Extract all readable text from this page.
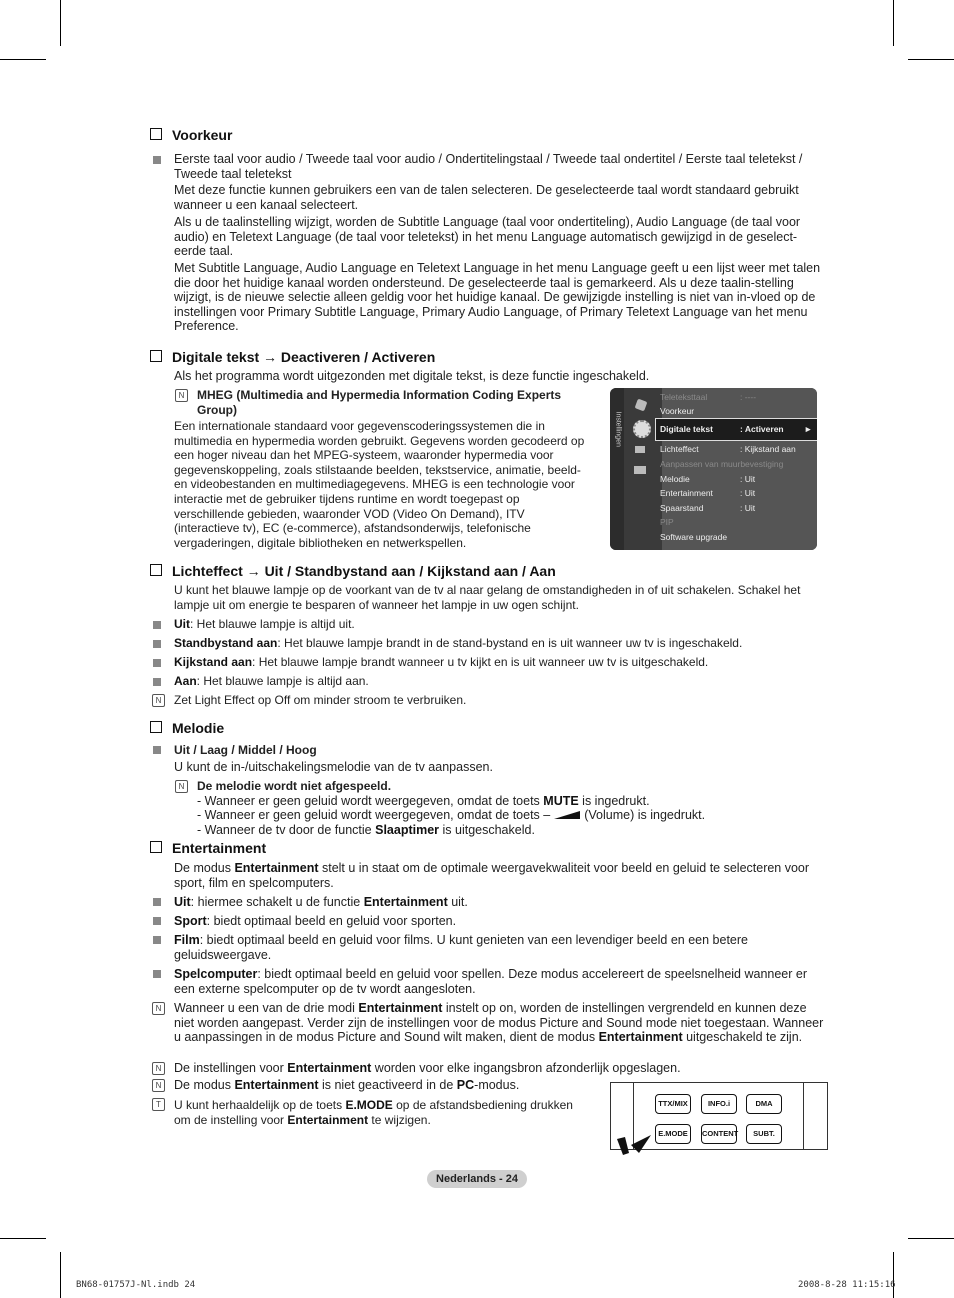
Voorkeur
Eerste taal voor audio / Tweede taal voor audio / Ondertitelingstaal / Tweede taal ondertitel / Eerste taal teletekst / Tweede taal teletekst
Met deze functie kunnen gebruikers een van de talen selecteren. De geselecteerde taal wordt standaard gebruikt wanneer u een kanaal selecteert.
Als u de taalinstelling wijzigt, worden de Subtitle Language (taal voor ondertiteling), Audio Language (de taal voor audio) en Teletext Language (de taal voor teletekst) in het menu Language automatisch gewijzigd in de geselect-eerde taal.
Met Subtitle Language, Audio Language en Teletext Language in het menu Language geeft u een lijst weer met talen die door het huidige kanaal worden ondersteund. De geselecteerde taal is gemarkeerd. Als u deze taalin-stelling wijzigt, is de nieuwe selectie alleen geldig voor het huidige kanaal. De gewijzigde instelling is niet van in-vloed op de instellingen voor Primary Subtitle Language, Primary Audio Language, of Primary Teletext Language van het menu Preference.
Digitale tekst → Deactiveren / Activeren
Als het programma wordt uitgezonden met digitale tekst, is deze functie ingeschakeld.
N	MHEG (Multimedia and Hypermedia Information Coding Experts Group)
Een internationale standaard voor gegevenscoderingssystemen die in multimedia en hypermedia worden gebruikt. Gegevens worden gecodeerd op een hoger niveau dan het MPEG-systeem, waaronder hypermedia voor gegevenskoppeling, zoals stilstaande beelden, tekstservice, animatie, beeld- en videobestanden en multimediagegevens. MHEG is een technologie voor interactie met de gebruiker tijdens runtime en wordt toegepast op verschillende gebieden, waaronder VOD (Video On Demand), ITV (interactieve tv), EC (e-commerce), afstandsonderwijs, telefonische vergaderingen, digitale bibliotheken en netwerkspellen.
Instellingen
Teleteksttaal	: ----
Voorkeur
Digitale tekst	: Activeren ►
Lichteffect	: Kijkstand aan
Aanpassen van muurbevestiging
Melodie	: Uit
Entertainment	: Uit
Spaarstand	: Uit
PIP
Software upgrade
Lichteffect → Uit / Standbystand aan / Kijkstand aan / Aan
U kunt het blauwe lampje op de voorkant van de tv al naar gelang de omstandigheden in of uit schakelen. Schakel het lampje uit om energie te besparen of wanneer het lampje in uw ogen schijnt.
Uit: Het blauwe lampje is altijd uit.
Standbystand aan: Het blauwe lampje brandt in de stand-bystand en is uit wanneer uw tv is ingeschakeld.
Kijkstand aan: Het blauwe lampje brandt wanneer u tv kijkt en is uit wanneer uw tv is uitgeschakeld.
Aan: Het blauwe lampje is altijd aan.
N	Zet Light Effect op Off om minder stroom te verbruiken.
Melodie
Uit / Laag / Middel / Hoog
U kunt de in-/uitschakelingsmelodie van de tv aanpassen.
N	De melodie wordt niet afgespeeld.
- Wanneer er geen geluid wordt weergegeven, omdat de toets MUTE is ingedrukt.
- Wanneer er geen geluid wordt weergegeven, omdat de toets –	(Volume) is ingedrukt.
- Wanneer de tv door de functie Slaaptimer is uitgeschakeld.
Entertainment
De modus Entertainment stelt u in staat om de optimale weergavekwaliteit voor beeld en geluid te selecteren voor sport, film en spelcomputers.
Uit: hiermee schakelt u de functie Entertainment uit.
Sport: biedt optimaal beeld en geluid voor sporten.
Film: biedt optimaal beeld en geluid voor films. U kunt genieten van een levendiger beeld en een betere geluidsweergave.
Spelcomputer: biedt optimaal beeld en geluid voor spellen. Deze modus accelereert de speelsnelheid wanneer er een externe spelcomputer op de tv wordt aangesloten.
N Wanneer u een van de drie modi Entertainment instelt op on, worden de instellingen vergrendeld en kunnen deze niet worden aangepast. Verder zijn de instellingen voor de modus Picture and Sound mode niet toegestaan. Wanneer u aanpassingen in de modus Picture and Sound wilt maken, dient de modus Entertainment uitgeschakeld te zijn.
N De instellingen voor Entertainment worden voor elke ingangsbron afzonderlijk opgeslagen.
N De modus Entertainment is niet geactiveerd in de PC-modus.
T	U kunt herhaaldelijk op de toets E.MODE op de afstandsbediening drukken om de instelling voor Entertainment te wijzigen.
TTX/MIX	INFO.i	DMA
E.MODE	CONTENT	SUBT.
Nederlands - 24
BN68-01757J-Nl.indb 24	2008-8-28 11:15:16
